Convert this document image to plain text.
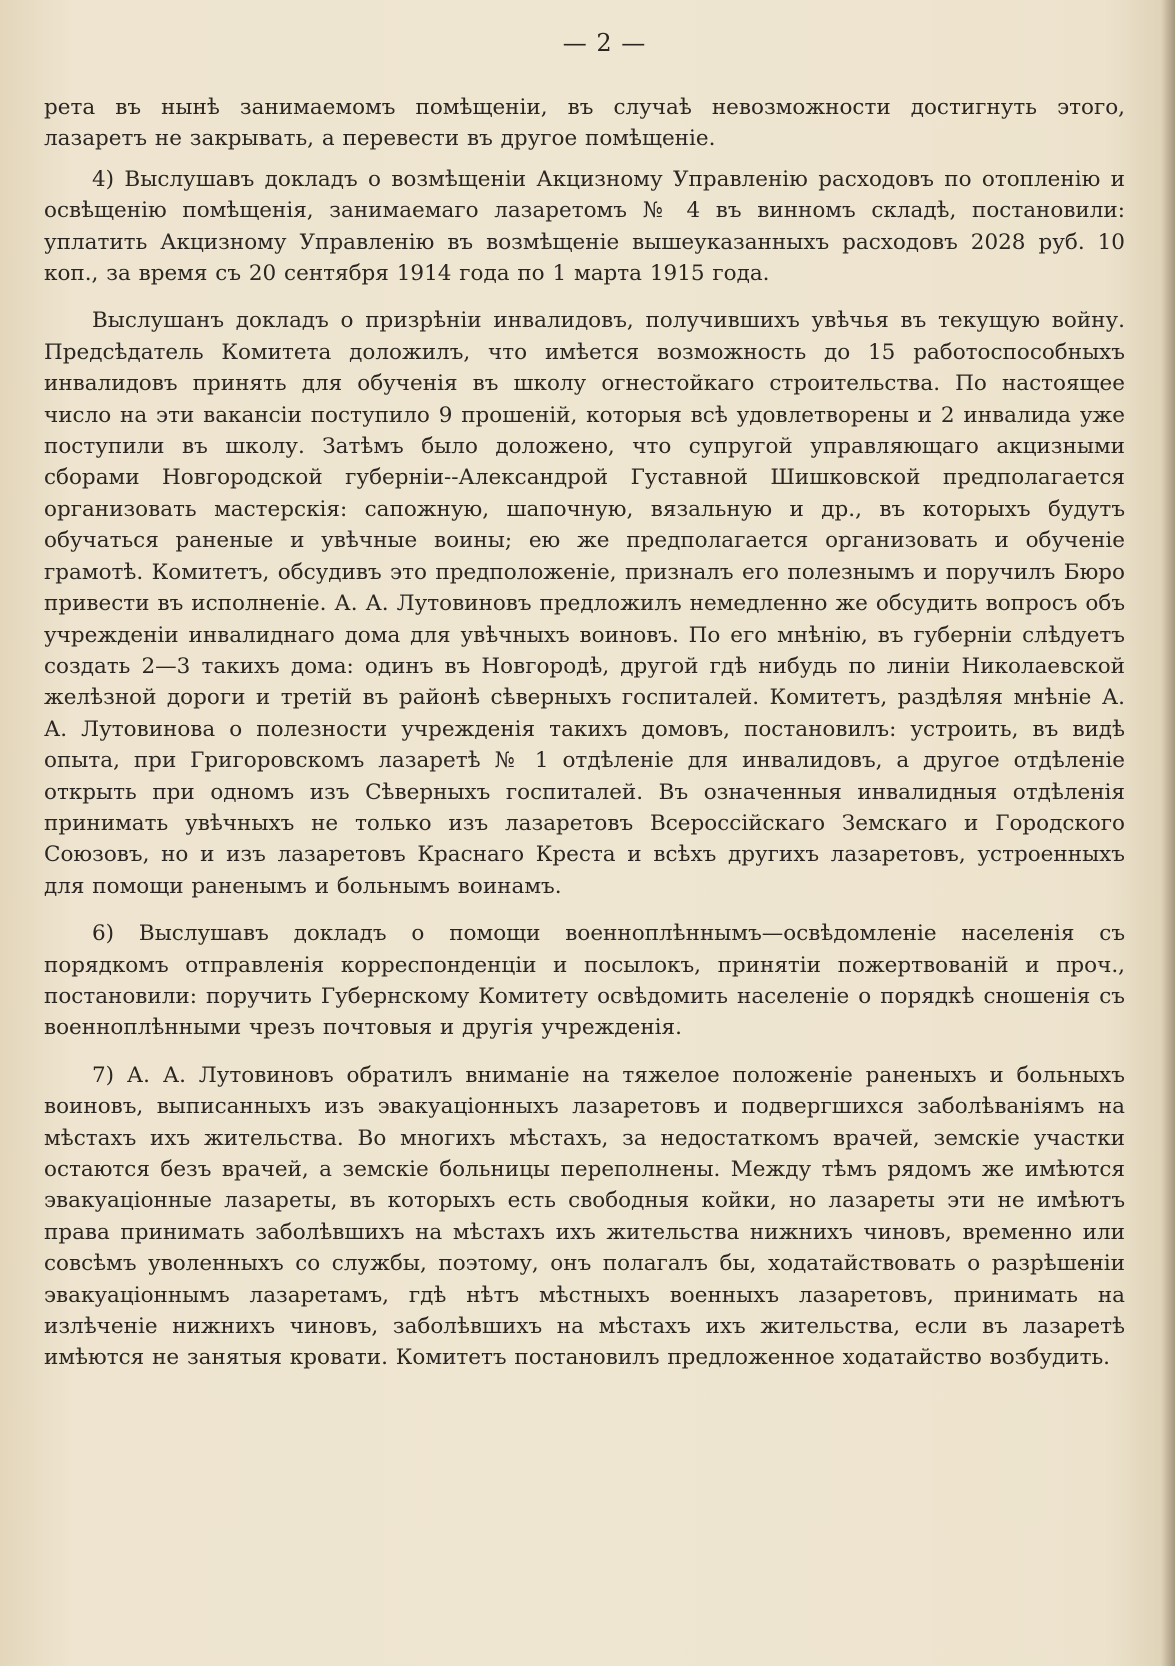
— 2 —

рета въ нынѣ занимаемомъ помѣщеніи, въ случаѣ невозможности достигнуть этого, лазаретъ не закрывать, а перевести въ другое помѣщеніе.

4) Выслушавъ докладъ о возмѣщеніи Акцизному Управленію расходовъ по отопленію и освѣщенію помѣщенія, занимаемаго лазаретомъ № 4 въ винномъ складѣ, постановили: уплатить Акцизному Управленію въ возмѣщеніе вышеуказанныхъ расходовъ 2028 руб. 10 коп., за время съ 20 сентября 1914 года по 1 марта 1915 года.

Выслушанъ докладъ о призрѣніи инвалидовъ, получившихъ увѣчья въ текущую войну. Предсѣдатель Комитета доложилъ, что имѣется возможность до 15 работоспособныхъ инвалидовъ принять для обученія въ школу огнестойкаго строительства. По настоящее число на эти вакансіи поступило 9 прошеній, которыя всѣ удовлетворены и 2 инвалида уже поступили въ школу. Затѣмъ было доложено, что супругой управляющаго акцизными сборами Новгородской губерніи--Александрой Густавной Шишковской предполагается организовать мастерскія: сапожную, шапочную, вязальную и др., въ которыхъ будутъ обучаться раненые и увѣчные воины; ею же предполагается организовать и обученіе грамотѣ. Комитетъ, обсудивъ это предположеніе, призналъ его полезнымъ и поручилъ Бюро привести въ исполненіе. А. А. Лутовиновъ предложилъ немедленно же обсудить вопросъ объ учрежденіи инвалиднаго дома для увѣчныхъ воиновъ. По его мнѣнію, въ губерніи слѣдуетъ создать 2—3 такихъ дома: одинъ въ Новгородѣ, другой гдѣ нибудь по линіи Николаевской желѣзной дороги и третій въ районѣ сѣверныхъ госпиталей. Комитетъ, раздѣляя мнѣніе А. А. Лутовинова о полезности учрежденія такихъ домовъ, постановилъ: устроить, въ видѣ опыта, при Григоровскомъ лазаретѣ № 1 отдѣленіе для инвалидовъ, а другое отдѣленіе открыть при одномъ изъ Сѣверныхъ госпиталей. Въ означенныя инвалидныя отдѣленія принимать увѣчныхъ не только изъ лазаретовъ Всероссійскаго Земскаго и Городского Союзовъ, но и изъ лазаретовъ Краснаго Креста и всѣхъ другихъ лазаретовъ, устроенныхъ для помощи раненымъ и больнымъ воинамъ.

6) Выслушавъ докладъ о помощи военноплѣннымъ—освѣдомленіе населенія съ порядкомъ отправленія корреспонденціи и посылокъ, принятіи пожертвованій и проч., постановили: поручить Губернскому Комитету освѣдомить населеніе о порядкѣ сношенія съ военноплѣнными чрезъ почтовыя и другія учрежденія.

7) А. А. Лутовиновъ обратилъ вниманіе на тяжелое положеніе раненыхъ и больныхъ воиновъ, выписанныхъ изъ эвакуаціонныхъ лазаретовъ и подвергшихся заболѣваніямъ на мѣстахъ ихъ жительства. Во многихъ мѣстахъ, за недостаткомъ врачей, земскіе участки остаются безъ врачей, а земскіе больницы переполнены. Между тѣмъ рядомъ же имѣются эвакуаціонные лазареты, въ которыхъ есть свободныя койки, но лазареты эти не имѣютъ права принимать заболѣвшихъ на мѣстахъ ихъ жительства нижнихъ чиновъ, временно или совсѣмъ уволенныхъ со службы, поэтому, онъ полагалъ бы, ходатайствовать о разрѣшеніи эвакуаціоннымъ лазаретамъ, гдѣ нѣтъ мѣстныхъ военныхъ лазаретовъ, принимать на излѣченіе нижнихъ чиновъ, заболѣвшихъ на мѣстахъ ихъ жительства, если въ лазаретѣ имѣются не занятыя кровати. Комитетъ постановилъ предложенное ходатайство возбудить.
